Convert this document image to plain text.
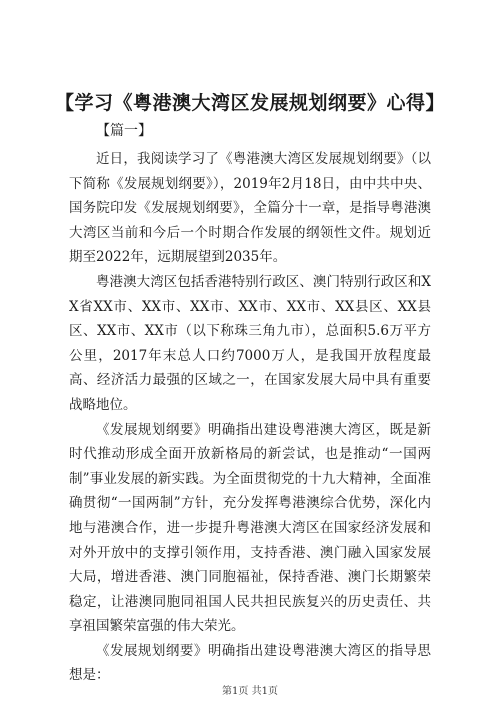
【学习《粤港澳大湾区发展规划纲要》心得】
【篇一】

近日，我阅读学习了《粤港澳大湾区发展规划纲要》（以下简称《发展规划纲要》），2019年2月18日，由中共中央、国务院印发《发展规划纲要》，全篇分十一章，是指导粤港澳大湾区当前和今后一个时期合作发展的纲领性文件。规划近期至2022年，远期展望到2035年。

粤港澳大湾区包括香港特别行政区、澳门特别行政区和XX省XX市、XX市、XX市、XX市、XX市、XX县区、XX县区、XX市、XX市（以下称珠三角九市），总面积5.6万平方公里，2017年末总人口约7000万人，是我国开放程度最高、经济活力最强的区域之一，在国家发展大局中具有重要战略地位。

《发展规划纲要》明确指出建设粤港澳大湾区，既是新时代推动形成全面开放新格局的新尝试，也是推动“一国两制”事业发展的新实践。为全面贯彻党的十九大精神，全面准确贯彻“一国两制”方针，充分发挥粤港澳综合优势，深化内地与港澳合作，进一步提升粤港澳大湾区在国家经济发展和对外开放中的支撑引领作用，支持香港、澳门融入国家发展大局，增进香港、澳门同胞福祉，保持香港、澳门长期繁荣稳定，让港澳同胞同祖国人民共担民族复兴的历史责任、共享祖国繁荣富强的伟大荣光。

《发展规划纲要》明确指出建设粤港澳大湾区的指导思想是：

第1页 共1页
